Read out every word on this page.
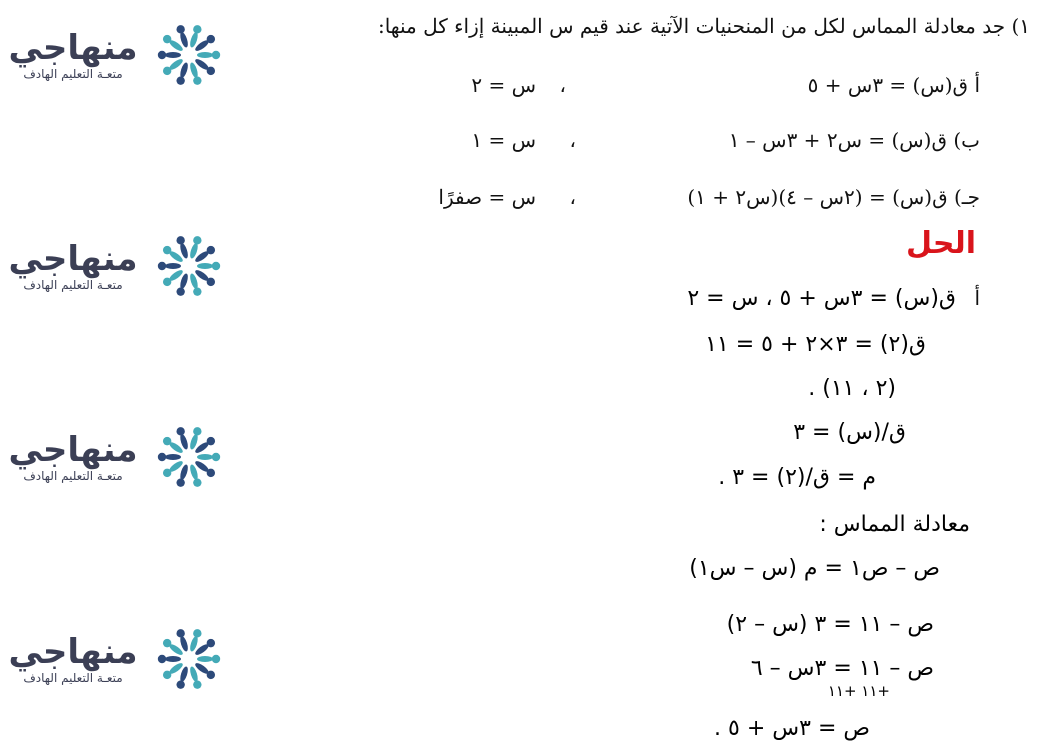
منهاجي
متعـة التعليم الهادف
منهاجي
متعـة التعليم الهادف
منهاجي
متعـة التعليم الهادف
منهاجي
متعـة التعليم الهادف
١) جد معادلة المماس لكل من المنحنيات الآتية عند قيم س المبينة إزاء كل منها:
أ ق(س) = ٣س + ٥
،
س = ٢
ب) ق(س) = س٢ + ٣س – ١
،
س = ١
جـ) ق(س) = (٢س – ٤)(س٢ + ١)
،
س = صفرًا
الحل
أ
ق(س) = ٣س + ٥ ، س = ٢
ق(٢) = ٣×٢ + ٥ = ١١
(٢ ، ١١) .
ق/(س) = ٣
م = ق/(٢) = ٣ .
معادلة المماس :
ص – ص١ = م (س – س١)
ص – ١١ = ٣ (س – ٢)
ص – ١١ = ٣س – ٦
+١١ +١١
ص = ٣س + ٥ .
